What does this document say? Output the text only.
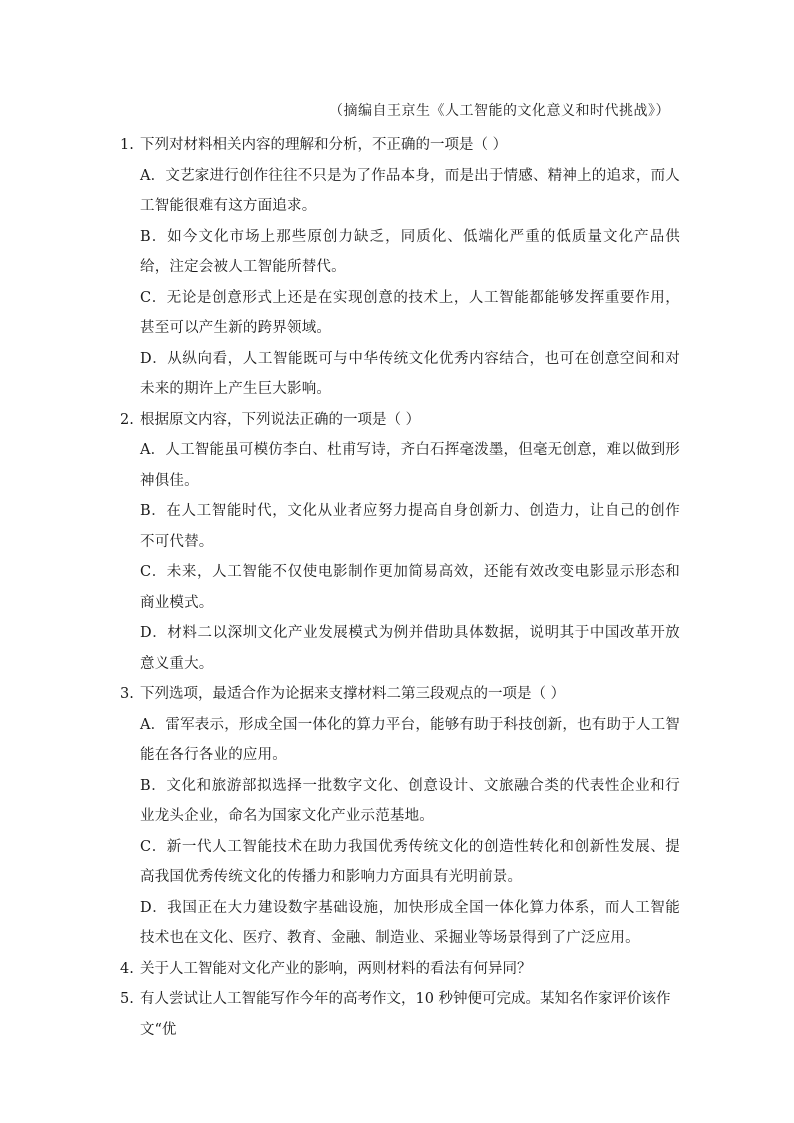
（摘编自王京生《人工智能的文化意义和时代挑战》）

1. 下列对材料相关内容的理解和分析，不正确的一项是（ ）

A．文艺家进行创作往往不只是为了作品本身，而是出于情感、精神上的追求，而人工智能很难有这方面追求。
B．如今文化市场上那些原创力缺乏，同质化、低端化严重的低质量文化产品供给，注定会被人工智能所替代。
C．无论是创意形式上还是在实现创意的技术上，人工智能都能够发挥重要作用，甚至可以产生新的跨界领域。
D．从纵向看，人工智能既可与中华传统文化优秀内容结合，也可在创意空间和对未来的期许上产生巨大影响。

2. 根据原文内容，下列说法正确的一项是（ ）

A．人工智能虽可模仿李白、杜甫写诗，齐白石挥毫泼墨，但毫无创意，难以做到形神俱佳。
B．在人工智能时代，文化从业者应努力提高自身创新力、创造力，让自己的创作不可代替。
C．未来，人工智能不仅使电影制作更加简易高效，还能有效改变电影显示形态和商业模式。
D．材料二以深圳文化产业发展模式为例并借助具体数据，说明其于中国改革开放意义重大。

3. 下列选项，最适合作为论据来支撑材料二第三段观点的一项是（ ）

A．雷军表示，形成全国一体化的算力平台，能够有助于科技创新，也有助于人工智能在各行各业的应用。
B．文化和旅游部拟选择一批数字文化、创意设计、文旅融合类的代表性企业和行业龙头企业，命名为国家文化产业示范基地。
C．新一代人工智能技术在助力我国优秀传统文化的创造性转化和创新性发展、提高我国优秀传统文化的传播力和影响力方面具有光明前景。
D．我国正在大力建设数字基础设施，加快形成全国一体化算力体系，而人工智能技术也在文化、医疗、教育、金融、制造业、采掘业等场景得到了广泛应用。

4. 关于人工智能对文化产业的影响，两则材料的看法有何异同？

5. 有人尝试让人工智能写作今年的高考作文，10 秒钟便可完成。某知名作家评价该作文“优
